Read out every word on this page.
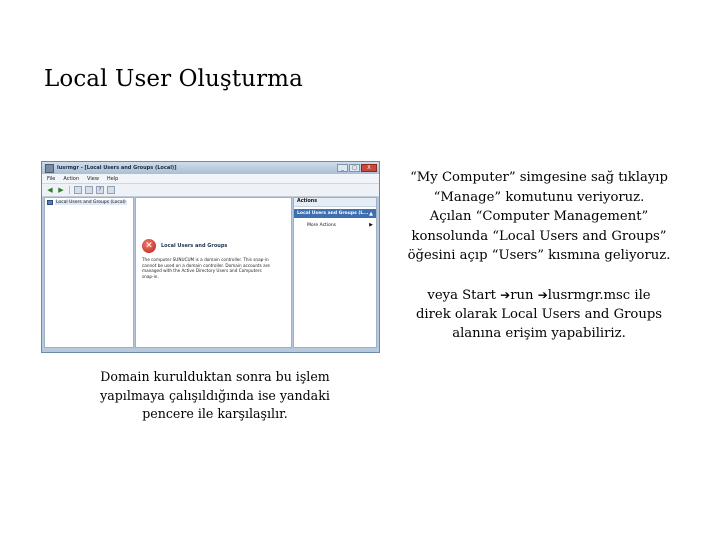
Local User Oluşturma
lusrmgr - [Local Users and Groups (Local)]	_	□	X
File Action View Help
◀ ▶	?
Local Users and Groups (Local)
✕	Local Users and Groups
The computer SUNUCUM is a domain controller. This snap-in cannot be used on a domain controller. Domain accounts are managed with the Active Directory Users and Computers snap-in.
Actions
Local Users and Groups (L... ▲
More Actions	▶
“My Computer” simgesine sağ tıklayıp
“Manage” komutunu veriyoruz.
Açılan “Computer Management”
konsolunda “Local Users and Groups”
öğesini açıp “Users” kısmına geliyoruz.
veya Start ➔run ➔lusrmgr.msc ile
direk olarak Local Users and Groups
alanına erişim yapabiliriz.
Domain kurulduktan sonra bu işlem
yapılmaya çalışıldığında ise yandaki
pencere ile karşılaşılır.
